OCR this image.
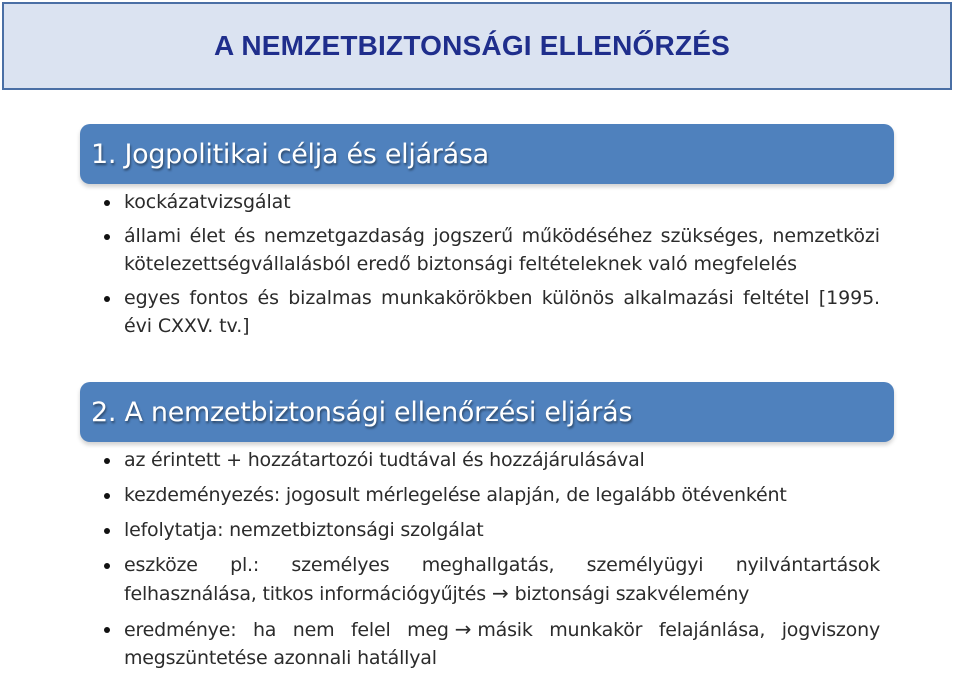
A NEMZETBIZTONSÁGI ELLENŐRZÉS
1. Jogpolitikai célja és eljárása
kockázatvizsgálat
állami élet és nemzetgazdaság jogszerű működéséhez szükséges, nemzetközi kötelezettségvállalásból eredő biztonsági feltételeknek való megfelelés
egyes fontos és bizalmas munkakörökben különös alkalmazási feltétel [1995. évi CXXV. tv.]
2. A nemzetbiztonsági ellenőrzési eljárás
az érintett + hozzátartozói tudtával és hozzájárulásával
kezdeményezés: jogosult mérlegelése alapján, de legalább ötévenként
lefolytatja: nemzetbiztonsági szolgálat
eszköze pl.: személyes meghallgatás, személyügyi nyilvántartások felhasználása, titkos információgyűjtés → biztonsági szakvélemény
eredménye: ha nem felel meg → másik munkakör felajánlása, jogviszony megszüntetése azonnali hatállyal
